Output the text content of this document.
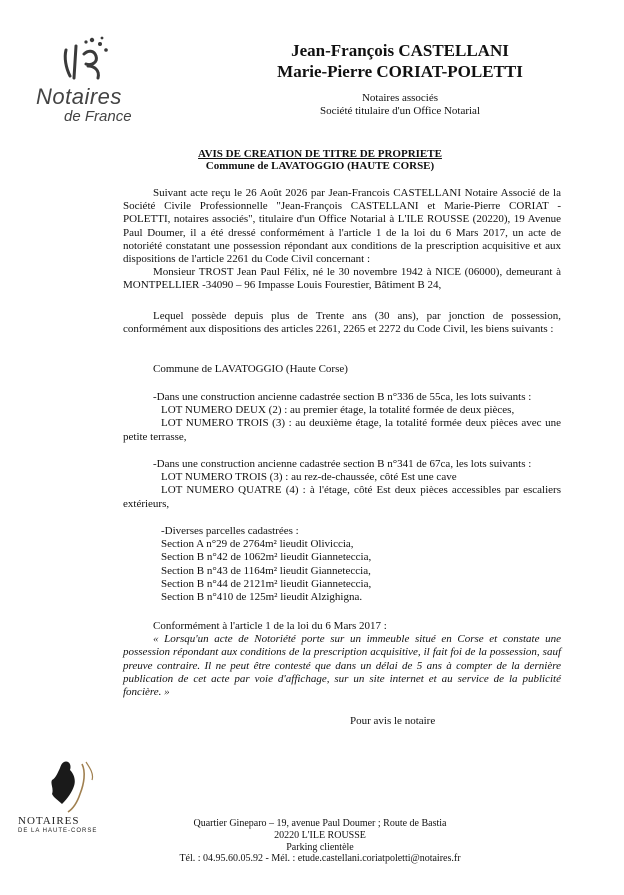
Notaires
de France
Jean-François CASTELLANI
Marie-Pierre CORIAT-POLETTI
Notaires associés
Société titulaire d'un Office Notarial
AVIS DE CREATION DE TITRE DE PROPRIETE
Commune de LAVATOGGIO (HAUTE CORSE)

Suivant acte reçu le 26 Août 2026 par Jean-Francois CASTELLANI Notaire Associé de la Société Civile Professionnelle "Jean-François CASTELLANI et Marie-Pierre CORIAT - POLETTI, notaires associés", titulaire d'un Office Notarial à L'ILE ROUSSE (20220), 19 Avenue Paul Doumer, il a été dressé conformément à l'article 1 de la loi du 6 Mars 2017, un acte de notoriété constatant une possession répondant aux conditions de la prescription acquisitive et aux dispositions de l'article 2261 du Code Civil concernant :

Monsieur TROST Jean Paul Félix, né le 30 novembre 1942 à NICE (06000), demeurant à MONTPELLIER -34090 – 96 Impasse Louis Fourestier, Bâtiment B 24,

Lequel possède depuis plus de Trente ans (30 ans), par jonction de possession, conformément aux dispositions des articles 2261, 2265 et 2272 du Code Civil, les biens suivants :

Commune de LAVATOGGIO (Haute Corse)

-Dans une construction ancienne cadastrée section B n°336 de 55ca, les lots suivants :

LOT NUMERO DEUX (2) : au premier étage, la totalité formée de deux pièces,

LOT NUMERO TROIS (3) : au deuxième étage, la totalité formée deux pièces avec une petite terrasse,

-Dans une construction ancienne cadastrée section B n°341 de 67ca, les lots suivants :

LOT NUMERO TROIS (3) : au rez-de-chaussée, côté Est une cave

LOT NUMERO QUATRE (4) : à l'étage, côté Est deux pièces accessibles par escaliers extérieurs,

-Diverses parcelles cadastrées :

Section A n°29 de 2764m² lieudit Oliviccia,

Section B n°42 de 1062m² lieudit Gianneteccia,

Section B n°43 de 1164m² lieudit Gianneteccia,

Section B n°44 de 2121m² lieudit Gianneteccia,

Section B n°410 de 125m² lieudit Alzighigna.

Conformément à l'article 1 de la loi du 6 Mars 2017 :

« Lorsqu'un acte de Notoriété porte sur un immeuble situé en Corse et constate une possession répondant aux conditions de la prescription acquisitive, il fait foi de la possession, sauf preuve contraire. Il ne peut être contesté que dans un délai de 5 ans à compter de la dernière publication de cet acte par voie d'affichage, sur un site internet et au service de la publicité foncière. »

Pour avis le notaire
NOTAIRES
DE LA HAUTE-CORSE
Quartier Gineparo – 19, avenue Paul Doumer ; Route de Bastia
20220 L'ILE ROUSSE
Parking clientèle
Tél. : 04.95.60.05.92 - Mél. : etude.castellani.coriatpoletti@notaires.fr
